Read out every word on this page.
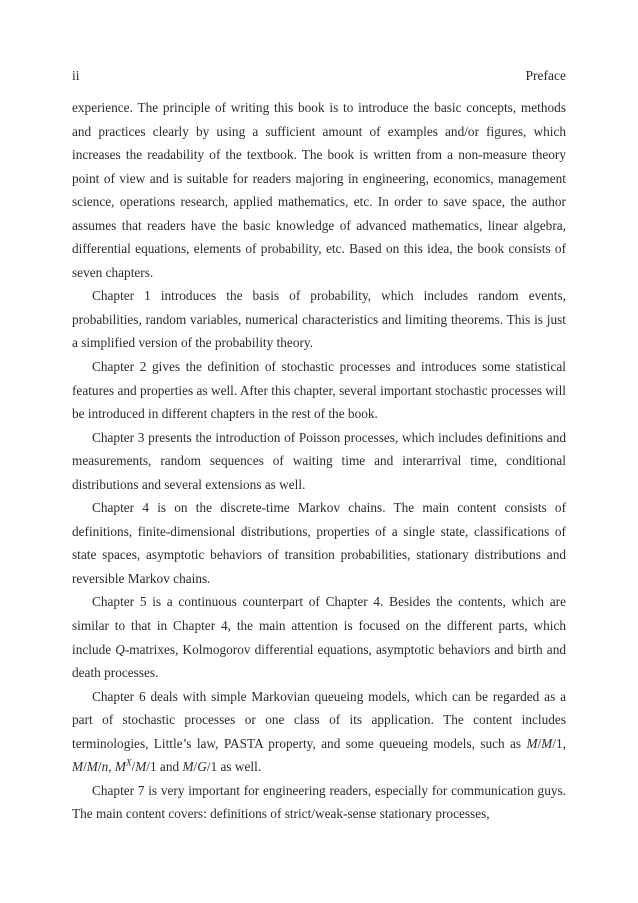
ii	Preface

experience. The principle of writing this book is to introduce the basic concepts, methods and practices clearly by using a sufficient amount of examples and/or figures, which increases the readability of the textbook. The book is written from a non-measure theory point of view and is suitable for readers majoring in engineering, economics, management science, operations research, applied mathematics, etc. In order to save space, the author assumes that readers have the basic knowledge of advanced mathematics, linear algebra, differential equations, elements of probability, etc. Based on this idea, the book consists of seven chapters.

Chapter 1 introduces the basis of probability, which includes random events, probabilities, random variables, numerical characteristics and limiting theorems. This is just a simplified version of the probability theory.

Chapter 2 gives the definition of stochastic processes and introduces some statistical features and properties as well. After this chapter, several important stochastic processes will be introduced in different chapters in the rest of the book.

Chapter 3 presents the introduction of Poisson processes, which includes definitions and measurements, random sequences of waiting time and interarrival time, conditional distributions and several extensions as well.

Chapter 4 is on the discrete-time Markov chains. The main content consists of definitions, finite-dimensional distributions, properties of a single state, classifications of state spaces, asymptotic behaviors of transition probabilities, stationary distributions and reversible Markov chains.

Chapter 5 is a continuous counterpart of Chapter 4. Besides the contents, which are similar to that in Chapter 4, the main attention is focused on the different parts, which include Q-matrixes, Kolmogorov differential equations, asymptotic behaviors and birth and death processes.

Chapter 6 deals with simple Markovian queueing models, which can be regarded as a part of stochastic processes or one class of its application. The content includes terminologies, Little’s law, PASTA property, and some queueing models, such as M/M/1, M/M/n, $M^X/M/1$ and M/G/1 as well.

Chapter 7 is very important for engineering readers, especially for communication guys. The main content covers: definitions of strict/weak-sense stationary processes,
